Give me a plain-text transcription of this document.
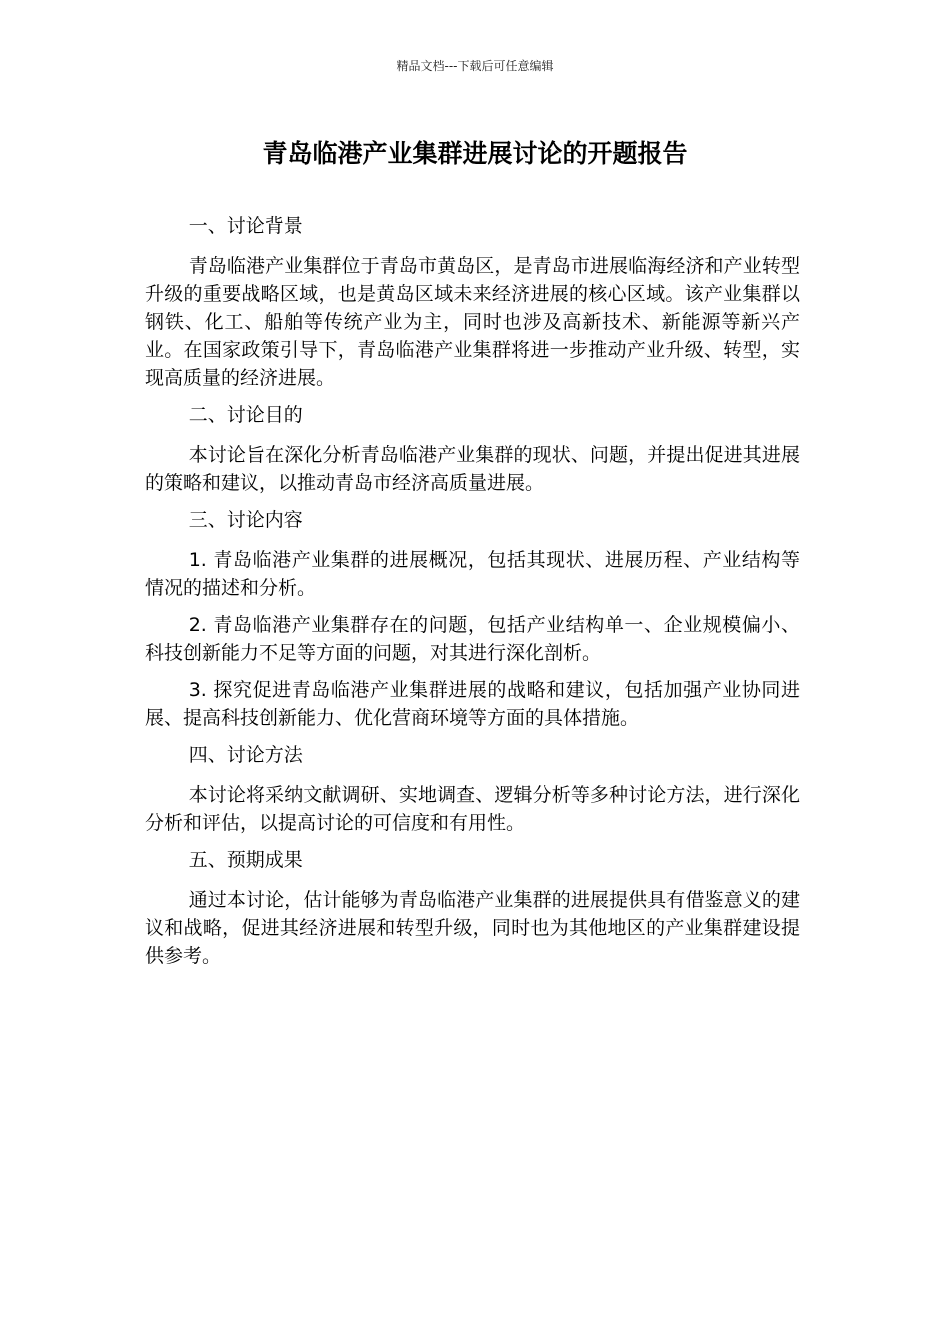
精品文档---下载后可任意编辑
青岛临港产业集群进展讨论的开题报告

一、讨论背景

青岛临港产业集群位于青岛市黄岛区，是青岛市进展临海经济和产业转型升级的重要战略区域，也是黄岛区域未来经济进展的核心区域。该产业集群以钢铁、化工、船舶等传统产业为主，同时也涉及高新技术、新能源等新兴产业。在国家政策引导下，青岛临港产业集群将进一步推动产业升级、转型，实现高质量的经济进展。

二、讨论目的

本讨论旨在深化分析青岛临港产业集群的现状、问题，并提出促进其进展的策略和建议，以推动青岛市经济高质量进展。

三、讨论内容

1. 青岛临港产业集群的进展概况，包括其现状、进展历程、产业结构等情况的描述和分析。

2. 青岛临港产业集群存在的问题，包括产业结构单一、企业规模偏小、科技创新能力不足等方面的问题，对其进行深化剖析。

3. 探究促进青岛临港产业集群进展的战略和建议，包括加强产业协同进展、提高科技创新能力、优化营商环境等方面的具体措施。

四、讨论方法

本讨论将采纳文献调研、实地调查、逻辑分析等多种讨论方法，进行深化分析和评估，以提高讨论的可信度和有用性。

五、预期成果

通过本讨论，估计能够为青岛临港产业集群的进展提供具有借鉴意义的建议和战略，促进其经济进展和转型升级，同时也为其他地区的产业集群建设提供参考。
